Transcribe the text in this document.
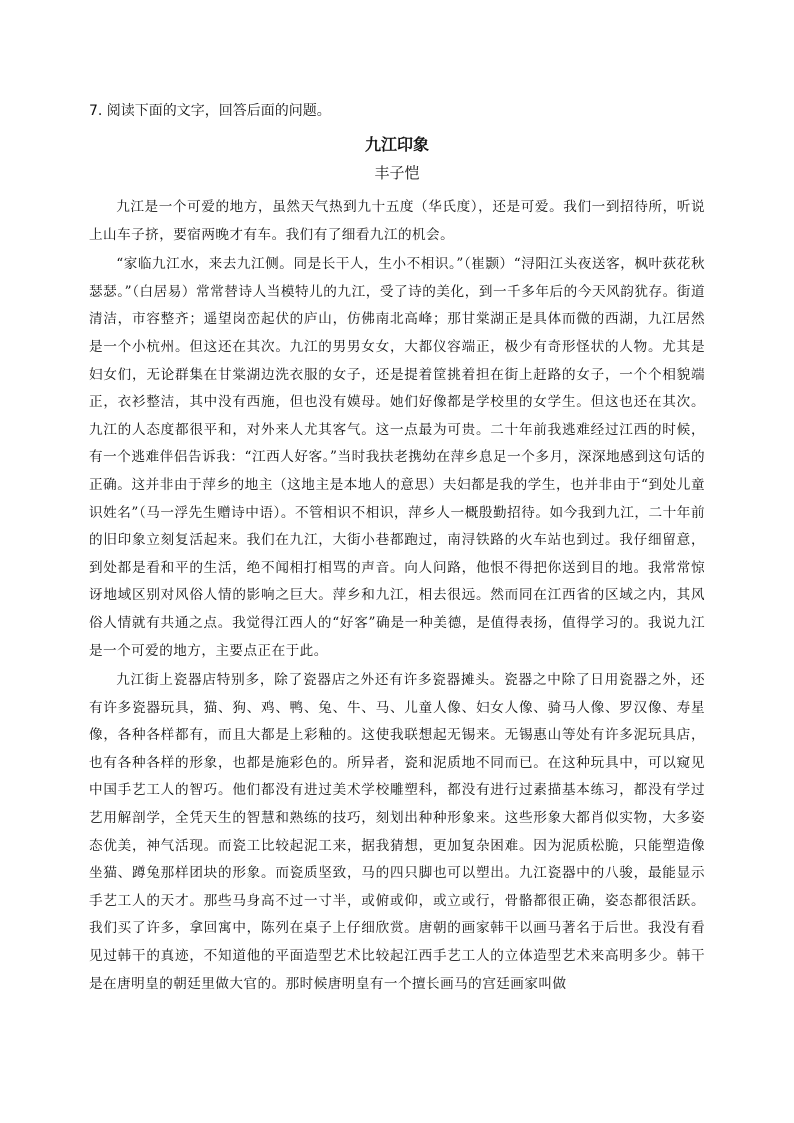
7. 阅读下面的文字，回答后面的问题。
九江印象
丰子恺

九江是一个可爱的地方，虽然天气热到九十五度（华氏度），还是可爱。我们一到招待所，听说上山车子挤，要宿两晚才有车。我们有了细看九江的机会。

“家临九江水，来去九江侧。同是长干人，生小不相识。”（崔颢）“浔阳江头夜送客，枫叶荻花秋瑟瑟。”（白居易）常常替诗人当模特儿的九江，受了诗的美化，到一千多年后的今天风韵犹存。街道清洁，市容整齐；遥望岗峦起伏的庐山，仿佛南北高峰；那甘棠湖正是具体而微的西湖，九江居然是一个小杭州。但这还在其次。九江的男男女女，大都仪容端正，极少有奇形怪状的人物。尤其是妇女们，无论群集在甘棠湖边洗衣服的女子，还是提着筐挑着担在街上赶路的女子，一个个相貌端正，衣衫整洁，其中没有西施，但也没有嫫母。她们好像都是学校里的女学生。但这也还在其次。九江的人态度都很平和，对外来人尤其客气。这一点最为可贵。二十年前我逃难经过江西的时候，有一个逃难伴侣告诉我：“江西人好客。”当时我扶老携幼在萍乡息足一个多月，深深地感到这句话的正确。这并非由于萍乡的地主（这地主是本地人的意思）夫妇都是我的学生，也并非由于“到处儿童识姓名”（马一浮先生赠诗中语）。不管相识不相识，萍乡人一概殷勤招待。如今我到九江，二十年前的旧印象立刻复活起来。我们在九江，大街小巷都跑过，南浔铁路的火车站也到过。我仔细留意，到处都是看和平的生活，绝不闻相打相骂的声音。向人问路，他恨不得把你送到目的地。我常常惊讶地域区别对风俗人情的影响之巨大。萍乡和九江，相去很远。然而同在江西省的区域之内，其风俗人情就有共通之点。我觉得江西人的“好客”确是一种美德，是值得表扬，值得学习的。我说九江是一个可爱的地方，主要点正在于此。

九江街上瓷器店特别多，除了瓷器店之外还有许多瓷器摊头。瓷器之中除了日用瓷器之外，还有许多瓷器玩具，猫、狗、鸡、鸭、兔、牛、马、儿童人像、妇女人像、骑马人像、罗汉像、寿星像，各种各样都有，而且大都是上彩釉的。这使我联想起无锡来。无锡惠山等处有许多泥玩具店，也有各种各样的形象，也都是施彩色的。所异者，瓷和泥质地不同而已。在这种玩具中，可以窥见中国手艺工人的智巧。他们都没有进过美术学校雕塑科，都没有进行过素描基本练习，都没有学过艺用解剖学，全凭天生的智慧和熟练的技巧，刻划出种种形象来。这些形象大都肖似实物，大多姿态优美，神气活现。而瓷工比较起泥工来，据我猜想，更加复杂困难。因为泥质松脆，只能塑造像坐猫、蹲兔那样团块的形象。而瓷质坚致，马的四只脚也可以塑出。九江瓷器中的八骏，最能显示手艺工人的天才。那些马身高不过一寸半，或俯或仰，或立或行，骨骼都很正确，姿态都很活跃。我们买了许多，拿回寓中，陈列在桌子上仔细欣赏。唐朝的画家韩干以画马著名于后世。我没有看见过韩干的真迹，不知道他的平面造型艺术比较起江西手艺工人的立体造型艺术来高明多少。韩干是在唐明皇的朝廷里做大官的。那时候唐明皇有一个擅长画马的宫廷画家叫做
